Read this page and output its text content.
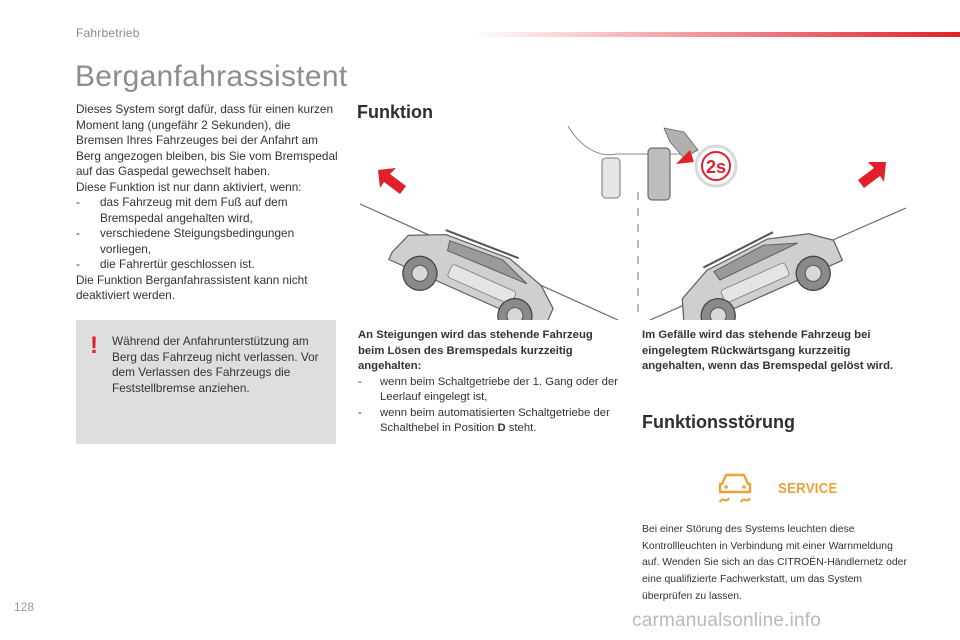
Fahrbetrieb
Berganfahrassistent

Dieses System sorgt dafür, dass für einen kurzen Moment lang (ungefähr 2 Sekunden), die Bremsen Ihres Fahrzeuges bei der Anfahrt am Berg angezogen bleiben, bis Sie vom Bremspedal auf das Gaspedal gewechselt haben.

Diese Funktion ist nur dann aktiviert, wenn:

-	das Fahrzeug mit dem Fuß auf dem Bremspedal angehalten wird,
-	verschiedene Steigungsbedingungen vorliegen,
-	die Fahrertür geschlossen ist.

Die Funktion Berganfahrassistent kann nicht deaktiviert werden.

! Während der Anfahrunterstützung am Berg das Fahrzeug nicht verlassen. Vor dem Verlassen des Fahrzeugs die Feststellbremse anziehen.
Funktion
2s
An Steigungen wird das stehende Fahrzeug beim Lösen des Bremspedals kurzzeitig angehalten:
-	wenn beim Schaltgetriebe der 1. Gang oder der Leerlauf eingelegt ist,
-	wenn beim automatisierten Schaltgetriebe der Schalthebel in Position D steht.
Im Gefälle wird das stehende Fahrzeug bei eingelegtem Rückwärtsgang kurzzeitig angehalten, wenn das Bremspedal gelöst wird.
Funktionsstörung
SERVICE
Bei einer Störung des Systems leuchten diese Kontrollleuchten in Verbindung mit einer Warnmeldung auf. Wenden Sie sich an das CITROËN-Händlernetz oder eine qualifizierte Fachwerkstatt, um das System überprüfen zu lassen.
128
carmanualsonline.info
